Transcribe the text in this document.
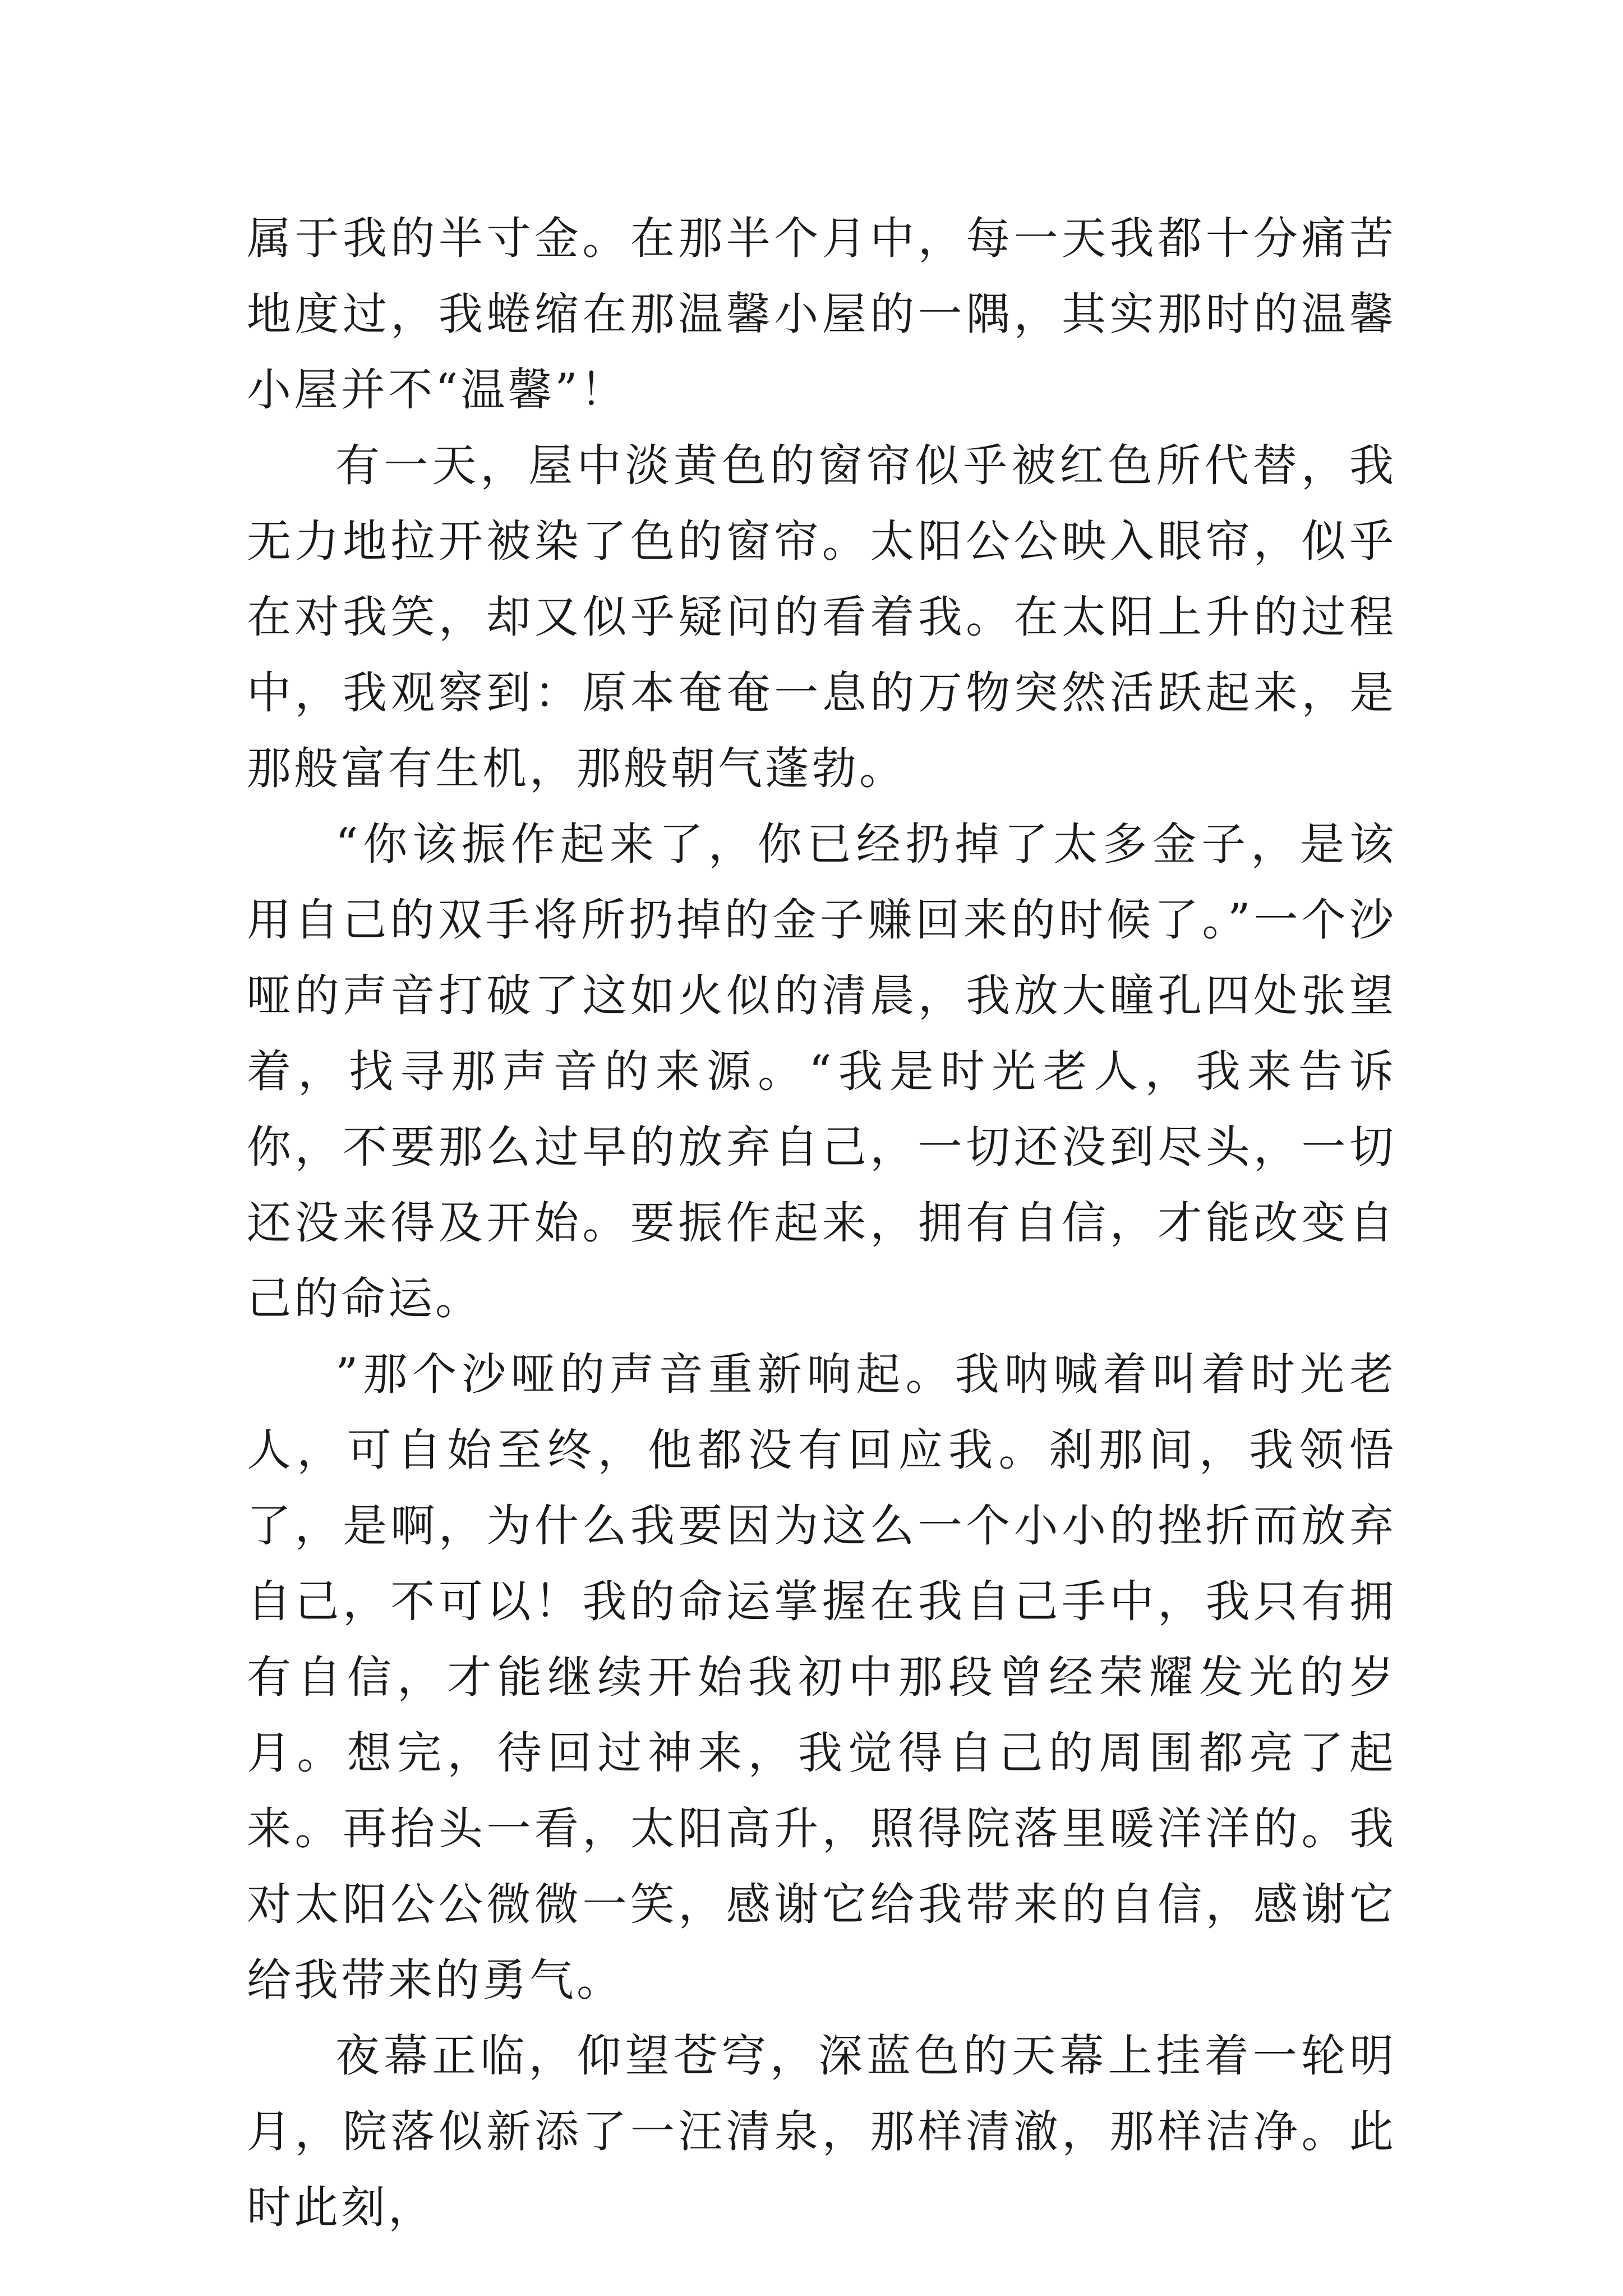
属于我的半寸金。在那半个月中，每一天我都十分痛苦地度过，我蜷缩在那温馨小屋的一隅，其实那时的温馨小屋并不“温馨”！

有一天，屋中淡黄色的窗帘似乎被红色所代替，我无力地拉开被染了色的窗帘。太阳公公映入眼帘，似乎在对我笑，却又似乎疑问的看着我。在太阳上升的过程中，我观察到：原本奄奄一息的万物突然活跃起来，是那般富有生机，那般朝气蓬勃。

“你该振作起来了，你已经扔掉了太多金子，是该用自己的双手将所扔掉的金子赚回来的时候了。”一个沙哑的声音打破了这如火似的清晨，我放大瞳孔四处张望着，找寻那声音的来源。“我是时光老人，我来告诉你，不要那么过早的放弃自己，一切还没到尽头，一切还没来得及开始。要振作起来，拥有自信，才能改变自己的命运。

”那个沙哑的声音重新响起。我呐喊着叫着时光老人，可自始至终，他都没有回应我。刹那间，我领悟了，是啊，为什么我要因为这么一个小小的挫折而放弃自己，不可以！我的命运掌握在我自己手中，我只有拥有自信，才能继续开始我初中那段曾经荣耀发光的岁月。想完，待回过神来，我觉得自己的周围都亮了起来。再抬头一看，太阳高升，照得院落里暖洋洋的。我对太阳公公微微一笑，感谢它给我带来的自信，感谢它给我带来的勇气。

夜幕正临，仰望苍穹，深蓝色的天幕上挂着一轮明月，院落似新添了一汪清泉，那样清澈，那样洁净。此时此刻，
